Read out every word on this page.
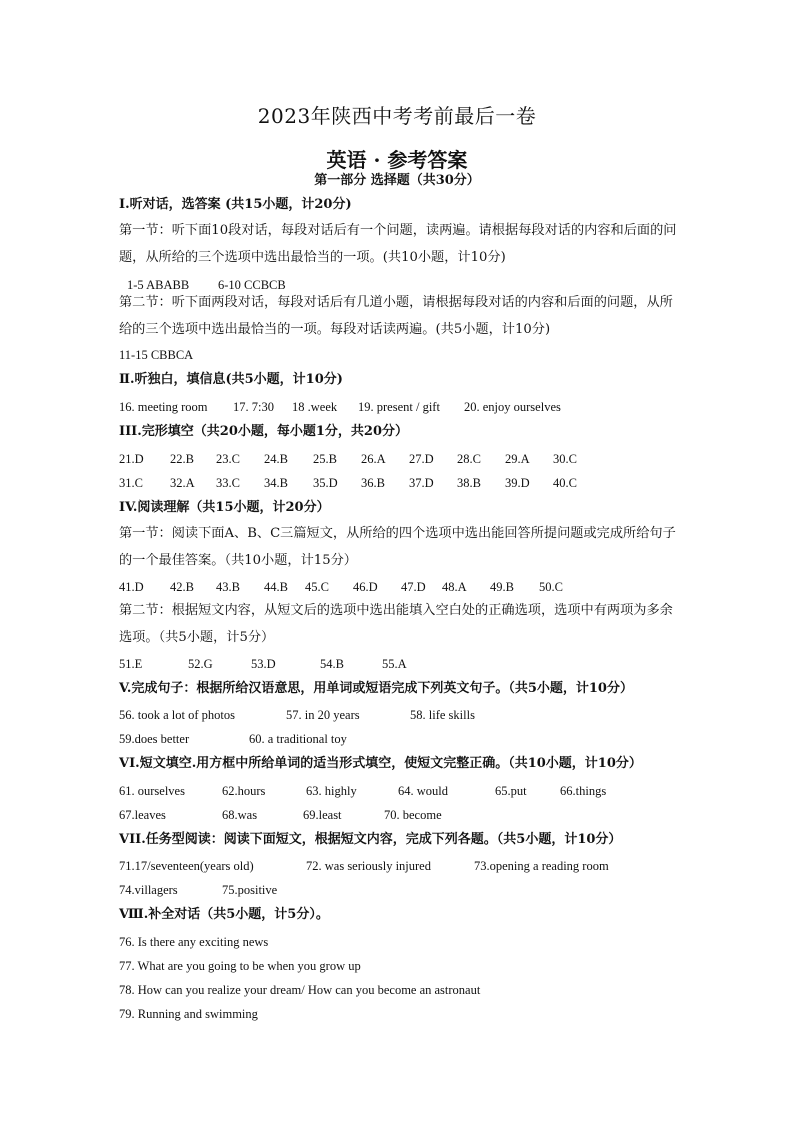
2023年陕西中考考前最后一卷
英语 · 参考答案
第一部分 选择题（共30分）
Ⅰ.听对话，选答案 (共15小题，计20分)
第一节：听下面10段对话，每段对话后有一个问题，读两遍。请根据每段对话的内容和后面的问题，从所给的三个选项中选出最恰当的一项。(共10小题，计10分)
1-5 ABABB 6-10 CCBCB
第二节：听下面两段对话，每段对话后有几道小题，请根据每段对话的内容和后面的问题，从所给的三个选项中选出最恰当的一项。每段对话读两遍。(共5小题，计10分)
11-15 CBBCA
Ⅱ.听独白，填信息(共5小题，计10分)
16. meeting room 17. 7:30 18 .week 19. present / gift 20. enjoy ourselves
III.完形填空（共20小题，每小题1分，共20分）
21.D 22.B 23.C 24.B 25.B 26.A 27.D 28.C 29.A 30.C
31.C 32.A 33.C 34.B 35.D 36.B 37.D 38.B 39.D 40.C
IV.阅读理解（共15小题，计20分）
第一节：阅读下面A、B、C三篇短文，从所给的四个选项中选出能回答所提问题或完成所给句子的一个最佳答案。（共10小题，计15分）
41.D 42.B 43.B 44.B 45.C 46.D 47.D 48.A 49.B 50.C
第二节：根据短文内容，从短文后的选项中选出能填入空白处的正确选项，选项中有两项为多余选项。（共5小题，计5分）
51.E	52.G	53.D	54.B	55.A
V.完成句子：根据所给汉语意思，用单词或短语完成下列英文句子。（共5小题，计10分）
56. took a lot of photos	57. in 20 years	58. life skills
59.does better	60. a traditional toy
VI.短文填空.用方框中所给单词的适当形式填空，使短文完整正确。（共10小题，计10分）
61. ourselves	62.hours	63. highly	64. would	65.put	66.things
67.leaves	68.was	69.least	70. become
VII.任务型阅读：阅读下面短文，根据短文内容，完成下列各题。（共5小题，计10分）
71.17/seventeen(years old)	72. was seriously injured	73.opening a reading room
74.villagers	75.positive
Ⅷ.补全对话（共5小题，计5分）。
76. Is there any exciting news
77. What are you going to be when you grow up
78. How can you realize your dream/ How can you become an astronaut
79. Running and swimming
